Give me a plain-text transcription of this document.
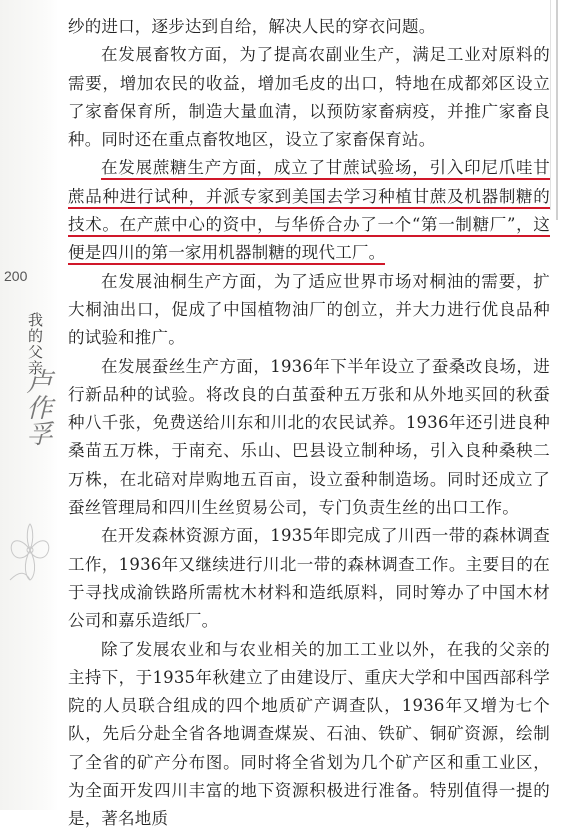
200
我的父亲
卢作孚

纱的进口，逐步达到自给，解决人民的穿衣问题。

在发展畜牧方面，为了提高农副业生产，满足工业对原料的需要，增加农民的收益，增加毛皮的出口，特地在成都郊区设立了家畜保育所，制造大量血清，以预防家畜病疫，并推广家畜良种。同时还在重点畜牧地区，设立了家畜保育站。

在发展蔗糖生产方面，成立了甘蔗试验场，引入印尼爪哇甘蔗品种进行试种，并派专家到美国去学习种植甘蔗及机器制糖的技术。在产蔗中心的资中，与华侨合办了一个“第一制糖厂”，这便是四川的第一家用机器制糖的现代工厂。

在发展油桐生产方面，为了适应世界市场对桐油的需要，扩大桐油出口，促成了中国植物油厂的创立，并大力进行优良品种的试验和推广。

在发展蚕丝生产方面，1936年下半年设立了蚕桑改良场，进行新品种的试验。将改良的白茧蚕种五万张和从外地买回的秋蚕种八千张，免费送给川东和川北的农民试养。1936年还引进良种桑苗五万株，于南充、乐山、巴县设立制种场，引入良种桑秧二万株，在北碚对岸购地五百亩，设立蚕种制造场。同时还成立了蚕丝管理局和四川生丝贸易公司，专门负责生丝的出口工作。

在开发森林资源方面，1935年即完成了川西一带的森林调查工作，1936年又继续进行川北一带的森林调查工作。主要目的在于寻找成渝铁路所需枕木材料和造纸原料，同时筹办了中国木材公司和嘉乐造纸厂。

除了发展农业和与农业相关的加工工业以外，在我的父亲的主持下，于1935年秋建立了由建设厅、重庆大学和中国西部科学院的人员联合组成的四个地质矿产调查队，1936年又增为七个队，先后分赴全省各地调查煤炭、石油、铁矿、铜矿资源，绘制了全省的矿产分布图。同时将全省划为几个矿产区和重工业区，为全面开发四川丰富的地下资源积极进行准备。特别值得一提的是，著名地质
